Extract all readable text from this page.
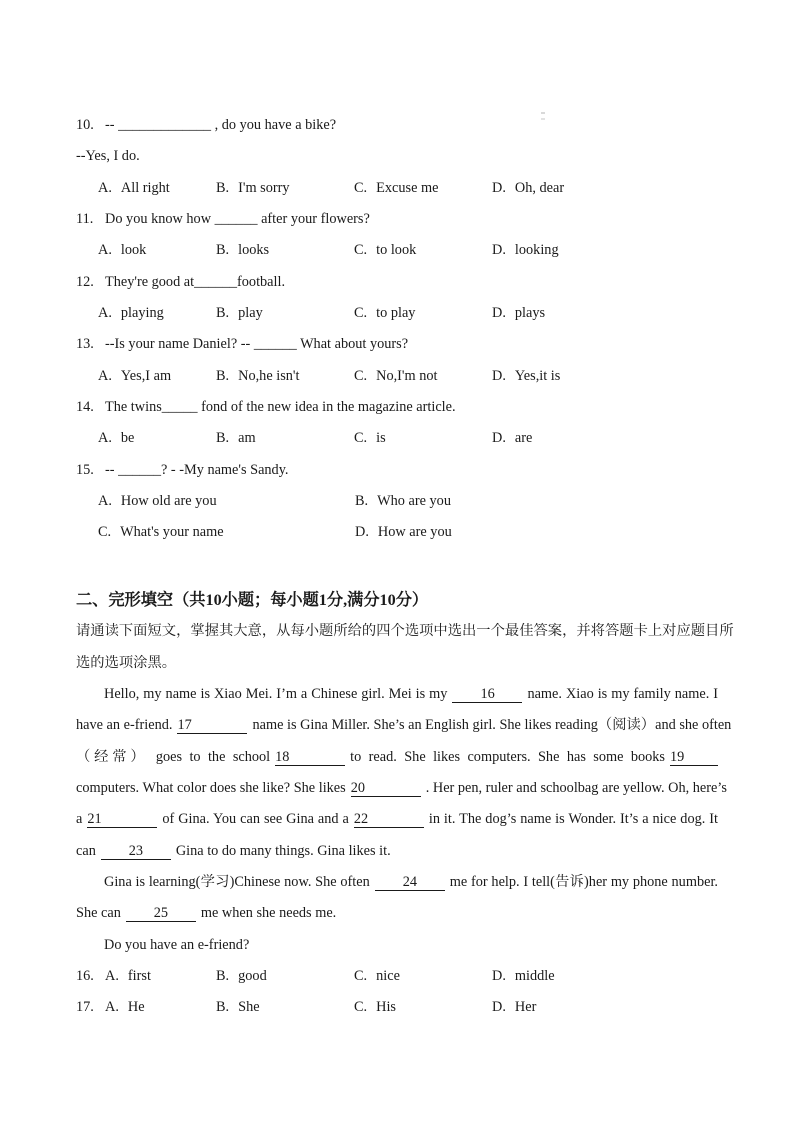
10. -- _____________ , do you have a bike?
--Yes, I do.
A. All right	B. I'm sorry	C. Excuse me	D. Oh, dear
11. Do you know how ______ after your flowers?
A. look	B. looks	C. to look	D. looking
12. They're good at______football.
A. playing	B. play	C. to play	D. plays
13. --Is your name Daniel? -- ______ What about yours?
A. Yes,I am	B. No,he isn't	C. No,I'm not	D. Yes,it is
14. The twins_____ fond of the new idea in the magazine article.
A. be	B. am	C. is	D. are
15. -- ______? - -My name's Sandy.
A. How old are you	B. Who are you
C. What's your name	D. How are you
二、完形填空（共10小题；每小题1分,满分10分）
请通读下面短文，掌握其大意，从每小题所给的四个选项中选出一个最佳答案，并将答题卡上对应题目所
选的选项涂黑。
Hello, my name is Xiao Mei. I’m a Chinese girl. Mei is my 16 name. Xiao is my family name. I
have an e-friend. 17	name is Gina Miller. She’s an English girl. She likes reading（阅读）and she often
（经常） goes to the school 18	to read. She likes computers. She has some books 19
computers. What color does she like? She likes 20	. Her pen, ruler and schoolbag are yellow. Oh, here’s
a 21	of Gina. You can see Gina and a 22	in it. The dog’s name is Wonder. It’s a nice dog. It
can 23 Gina to do many things. Gina likes it.
Gina is learning(学习)Chinese now. She often 24 me for help. I tell(告诉)her my phone number.
She can 25 me when she needs me.
Do you have an e-friend?
16. A. first	B. good	C. nice	D. middle
17. A. He	B. She	C. His	D. Her
